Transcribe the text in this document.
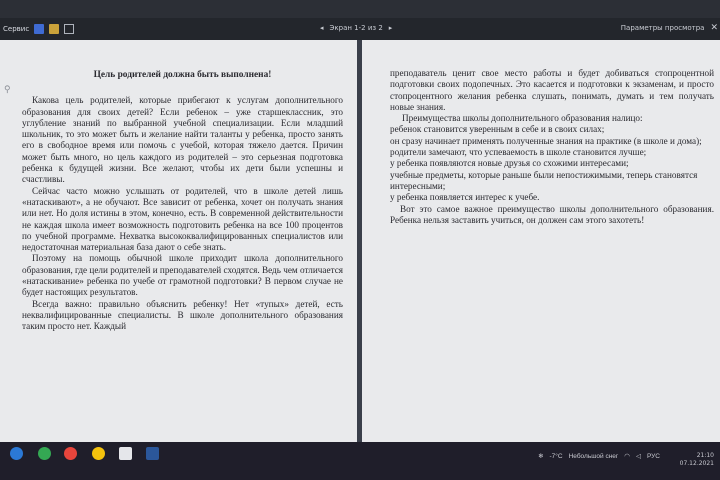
Сервис	◂ Экран 1-2 из 2 ▸	Параметры просмотра ✕
⚲
Цель родителей должна быть выполнена!

Какова цель родителей, которые прибегают к услугам дополнительного образования для своих детей? Если ребенок – уже старшеклассник, это углубление знаний по выбранной учебной специализации. Если младший школьник, то это может быть и желание найти таланты у ребенка, просто занять его в свободное время или помочь с учебой, которая тяжело дается. Причин может быть много, но цель каждого из родителей – это серьезная подготовка ребенка к будущей жизни. Все желают, чтобы их дети были успешны и счастливы.

Сейчас часто можно услышать от родителей, что в школе детей лишь «натаскивают», а не обучают. Все зависит от ребенка, хочет он получать знания или нет. Но доля истины в этом, конечно, есть. В современной действительности не каждая школа имеет возможность подготовить ребенка на все 100 процентов по учебной программе. Нехватка высококвалифицированных специалистов или недостаточная материальная база дают о себе знать.

Поэтому на помощь обычной школе приходит школа дополнительного образования, где цели родителей и преподавателей сходятся. Ведь чем отличается «натаскивание» ребенка по учебе от грамотной подготовки? В первом случае не будет настоящих результатов.

Всегда важно: правильно объяснить ребенку! Нет «тупых» детей, есть неквалифицированные специалисты. В школе дополнительного образования таким просто нет. Каждый

преподаватель ценит свое место работы и будет добиваться стопроцентной подготовки своих подопечных. Это касается и подготовки к экзаменам, и просто стопроцентного желания ребенка слушать, понимать, думать и тем получать новые знания.

Преимущества школы дополнительного образования налицо:

ребенок становится уверенным в себе и в своих силах;

он сразу начинает применять полученные знания на практике (в школе и дома);

родители замечают, что успеваемость в школе становится лучше;

у ребенка появляются новые друзья со схожими интересами;

учебные предметы, которые раньше были непостижимыми, теперь становятся интересными;

у ребенка появляется интерес к учебе.

Вот это самое важное преимущество школы дополнительного образования. Ребенка нельзя заставить учиться, он должен сам этого захотеть!

❄ -7°C Небольшой снег ◠ ◁ РУС	21:10
07.12.2021
